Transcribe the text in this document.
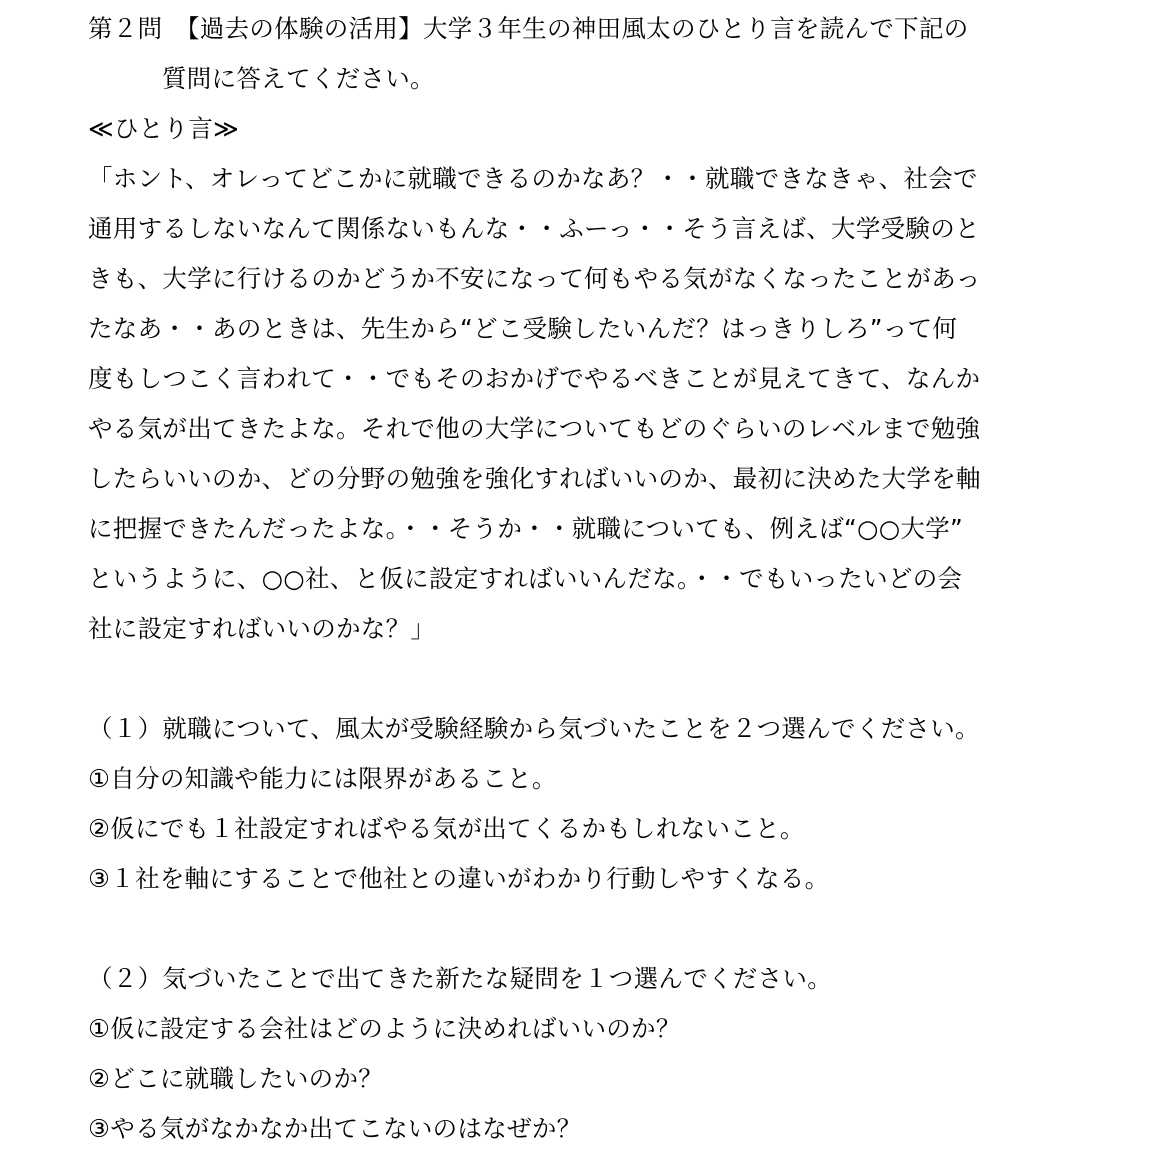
第２問　【過去の体験の活用】大学３年生の神田風太のひとり言を読んで下記の
質問に答えてください。
≪ひとり言≫
「ホント、オレってどこかに就職できるのかなあ？・・就職できなきゃ、社会で
通用するしないなんて関係ないもんな・・ふーっ・・そう言えば、大学受験のと
きも、大学に行けるのかどうか不安になって何もやる気がなくなったことがあっ
たなあ・・あのときは、先生から“どこ受験したいんだ？はっきりしろ”って何
度もしつこく言われて・・でもそのおかげでやるべきことが見えてきて、なんか
やる気が出てきたよな。それで他の大学についてもどのぐらいのレベルまで勉強
したらいいのか、どの分野の勉強を強化すればいいのか、最初に決めた大学を軸
に把握できたんだったよな。・・そうか・・就職についても、例えば“○○大学”
というように、○○社、と仮に設定すればいいんだな。・・でもいったいどの会
社に設定すればいいのかな？」
（１）就職について、風太が受験経験から気づいたことを２つ選んでください。
①自分の知識や能力には限界があること。
②仮にでも１社設定すればやる気が出てくるかもしれないこと。
③１社を軸にすることで他社との違いがわかり行動しやすくなる。
（２）気づいたことで出てきた新たな疑問を１つ選んでください。
①仮に設定する会社はどのように決めればいいのか？
②どこに就職したいのか？
③やる気がなかなか出てこないのはなぜか？
